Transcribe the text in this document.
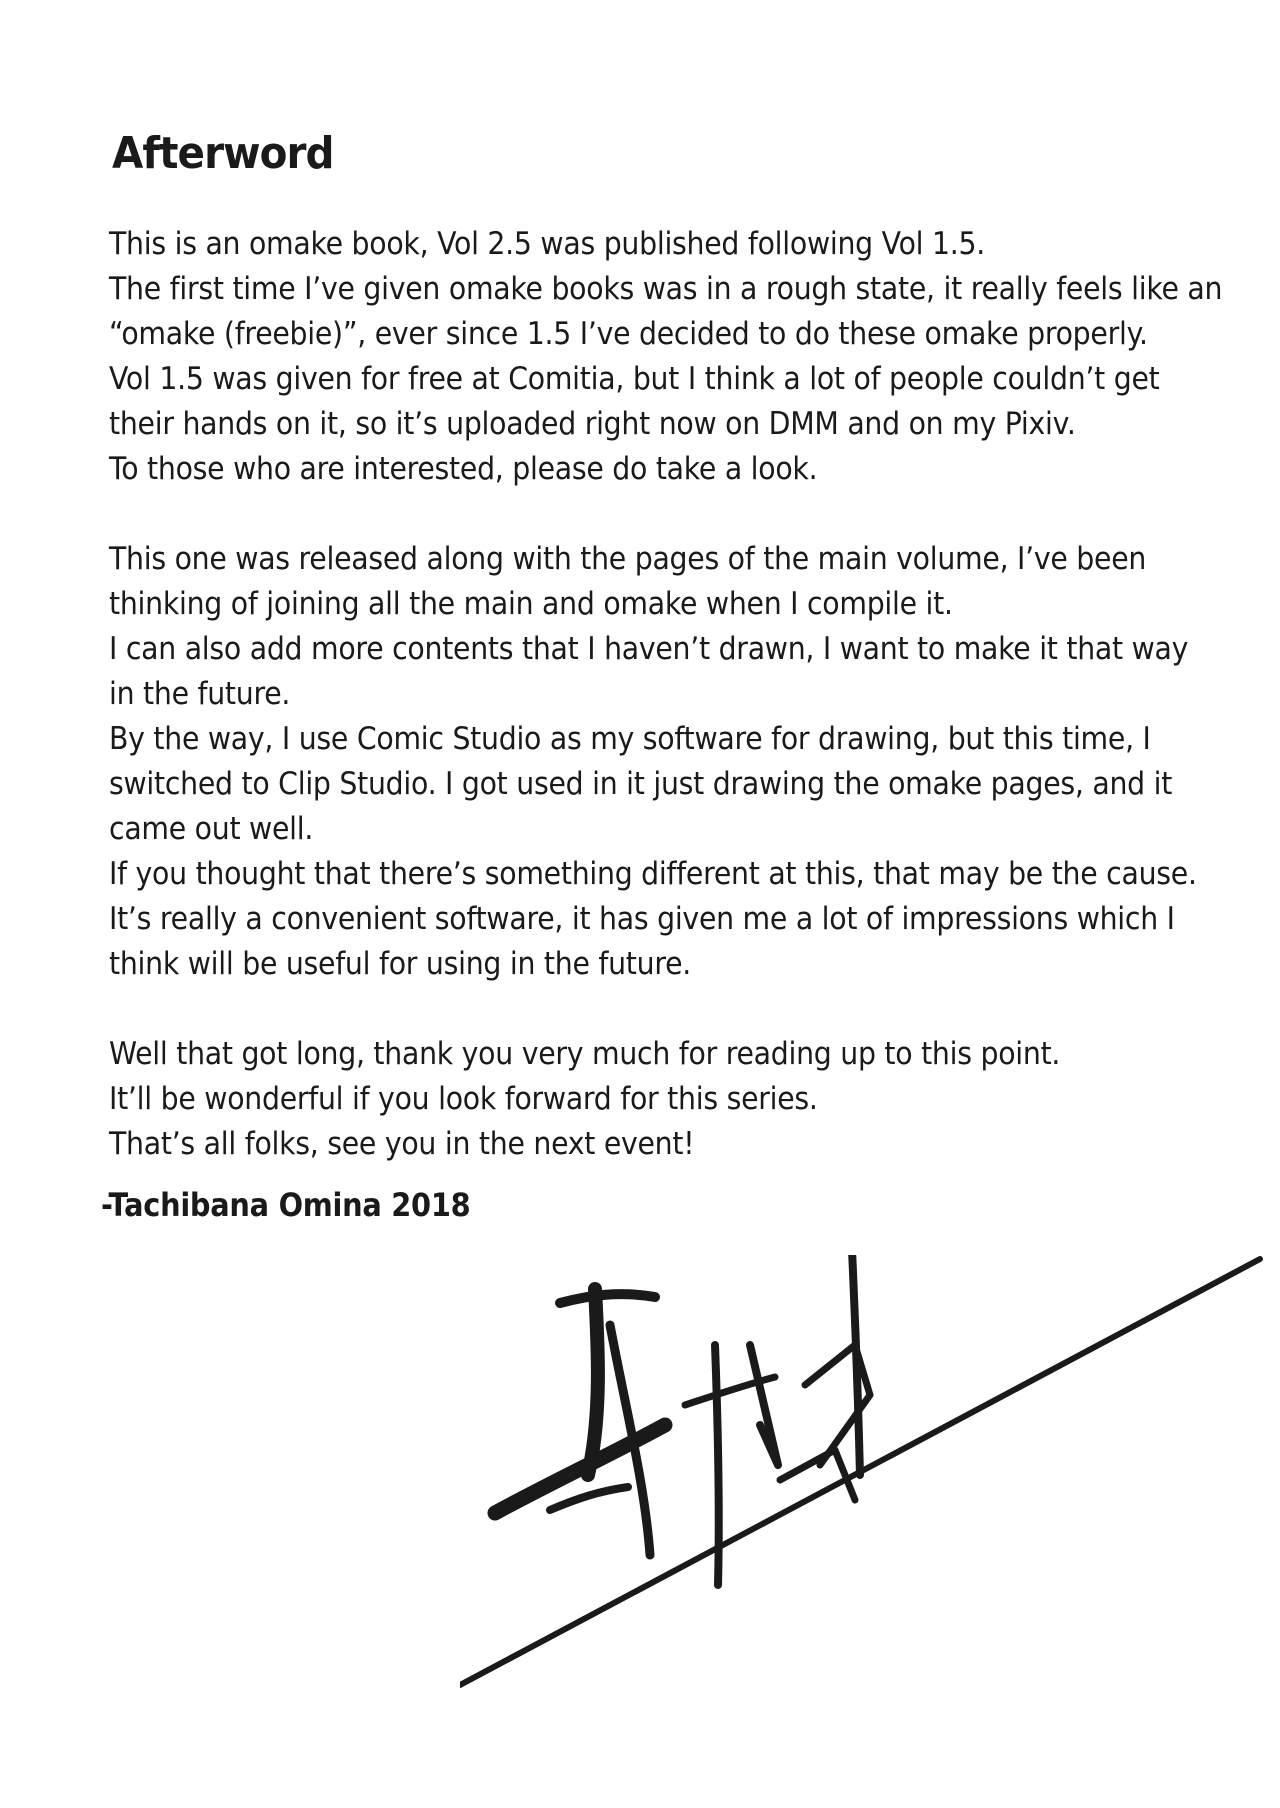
Afterword
This is an omake book, Vol 2.5 was published following Vol 1.5.
The first time I’ve given omake books was in a rough state, it really feels like an
“omake (freebie)”, ever since 1.5 I’ve decided to do these omake properly.
Vol 1.5 was given for free at Comitia, but I think a lot of people couldn’t get
their hands on it, so it’s uploaded right now on DMM and on my Pixiv.
To those who are interested, please do take a look.
This one was released along with the pages of the main volume, I’ve been
thinking of joining all the main and omake when I compile it.
I can also add more contents that I haven’t drawn, I want to make it that way
in the future.
By the way, I use Comic Studio as my software for drawing, but this time, I
switched to Clip Studio. I got used in it just drawing the omake pages, and it
came out well.
If you thought that there’s something different at this, that may be the cause.
It’s really a convenient software, it has given me a lot of impressions which I
think will be useful for using in the future.
Well that got long, thank you very much for reading up to this point.
It’ll be wonderful if you look forward for this series.
That’s all folks, see you in the next event!
-Tachibana Omina 2018
